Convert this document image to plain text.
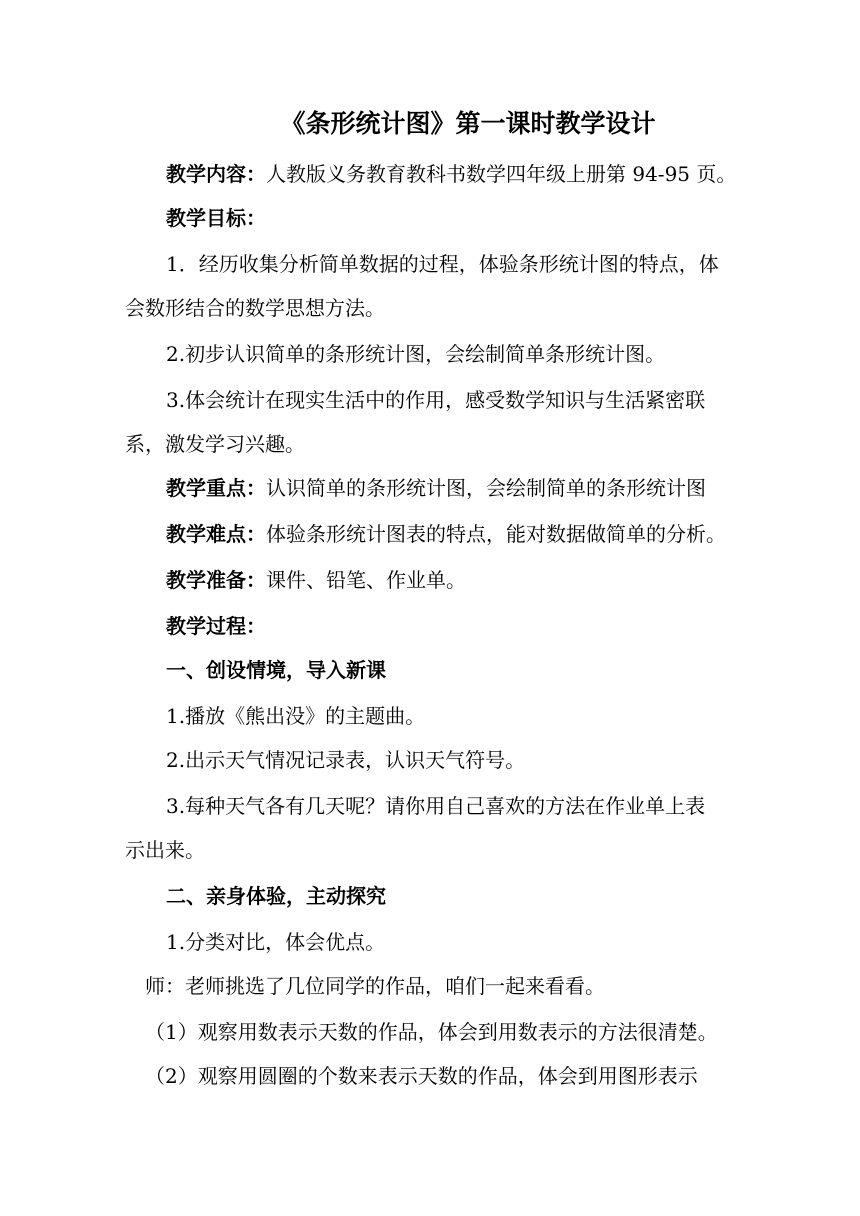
《条形统计图》第一课时教学设计
教学内容：人教版义务教育教科书数学四年级上册第 94-95 页。
教学目标：
1．经历收集分析简单数据的过程，体验条形统计图的特点，体
会数形结合的数学思想方法。
2.初步认识简单的条形统计图，会绘制简单条形统计图。
3.体会统计在现实生活中的作用，感受数学知识与生活紧密联
系，激发学习兴趣。
教学重点：认识简单的条形统计图，会绘制简单的条形统计图
教学难点：体验条形统计图表的特点，能对数据做简单的分析。
教学准备：课件、铅笔、作业单。
教学过程：
一、创设情境，导入新课
1.播放《熊出没》的主题曲。
2.出示天气情况记录表，认识天气符号。
3.每种天气各有几天呢？请你用自己喜欢的方法在作业单上表
示出来。
二、亲身体验，主动探究
1.分类对比，体会优点。
师：老师挑选了几位同学的作品，咱们一起来看看。
（1）观察用数表示天数的作品，体会到用数表示的方法很清楚。
（2）观察用圆圈的个数来表示天数的作品，体会到用图形表示
